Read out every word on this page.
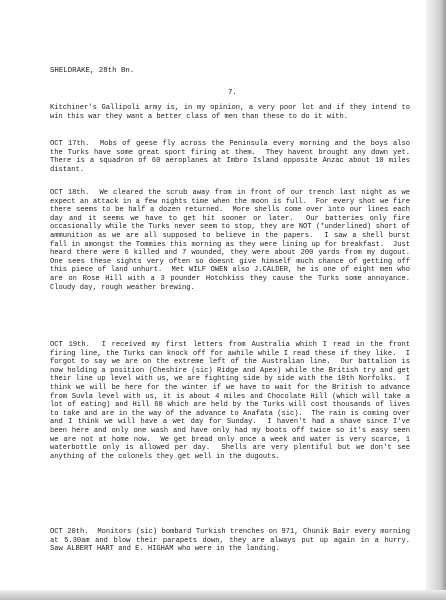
SHELDRAKE, 28th Bn.
7.
Kitchiner's Gallipoli army is, in my opinion, a very poor lot and if they intend to win this war they want a better class of men than these to do it with.
OCT 17th.  Mobs of geese fly across the Peninsula every morning and the boys also the Turks have some great sport firing at them.  They havent brought any down yet.  There is a squadron of 60 aeroplanes at Imbro Island opposite Anzac about 10 miles distant.
OCT 18th.  We cleared the scrub away from in front of our trench last night as we expect an attack in a few nights time when the moon is full.  For every shot we fire there seems to be half a dozen returned.  More shells come over into our lines each day and it seems we have to get hit sooner or later.  Our batteries only fire occasionally while the Turks never seem to stop, they are NOT (*underlined) short of ammunition as we are all supposed to believe in the papers.  I saw a shell burst fall in amongst the Tommies this morning as they were lining up for breakfast.  Just heard there were 6 killed and 7 wounded, they were about 200 yards from my dugout.  One sees these sights very often so doesnt give himself much chance of getting off this piece of land unhurt.  Met WILF OWEN also J.CALDER, he is one of eight men who are on Rose Hill with a 3 pounder Hotchkiss they cause the Turks some annoyance.  Cloudy day, rough weather brewing.
OCT 19th.  I received my first letters from Australia which I read in the front firing line, the Turks can knock off for awhile while I read these if they like.  I forgot to say we are on the extreme left of the Australian line.  Our battalion is now holding a position (Cheshire (sic) Ridge and Apex) while the British try and get their line up level with us, we are fighting side by side with the 10th Norfolks.  I think we will be here for the winter if we have to wait for the British to advance from Suvla level with us, it is about 4 miles and Chocolate Hill (which will take a lot of eating) and Hill 60 which are held by the Turks will cost thousands of lives to take and are in the way of the advance to Anafata (sic).  The rain is coming over and I think we will have a wet day for Sunday.  I haven't had a shave since I've been here and only one wash and have only had my boots off twice so it's easy seen we are not at home now.  We get bread only once a week and water is very scarce, 1 waterbottle only is allowed per day.  Shells are very plentiful but we don't see anything of the colonels they get well in the dugouts.
OCT 20th.  Monitors (sic) bombard Turkish trenches on 971, Chunik Bair every morning at 5.30am and blow their parapets down, they are always put up again in a hurry.  Saw ALBERT HART and E. HIGHAM who were in the landing.
